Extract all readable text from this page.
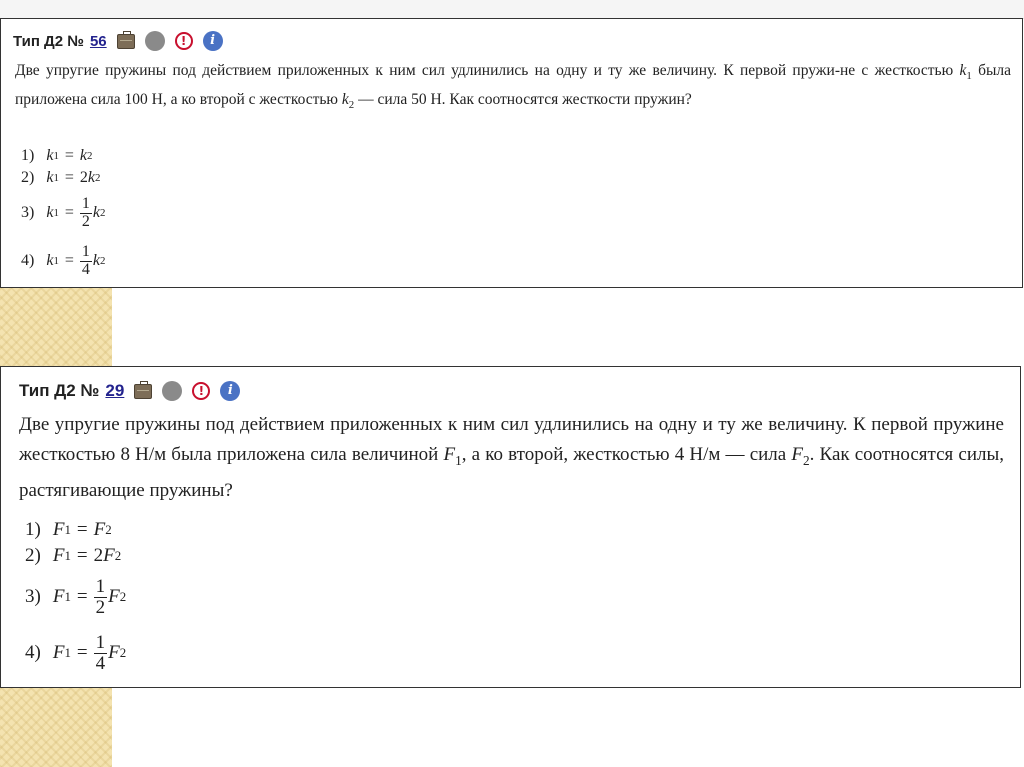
Тип Д2 № 56	!	i
Две упругие пружины под действием приложенных к ним сил удлинились на одну и ту же величину. К первой пружи-не с жесткостью $k_1$ была приложена сила 100 Н, а ко второй с жесткостью $k_2$ — сила 50 Н. Как соотносятся жесткости пружин?
1) k 1 = k 2
2) k 1 = 2 k 2
3) k $1 = \frac{1}{2}$ k 2
4) k $1 = \frac{1}{4}$ k 2
Тип Д2 № 29	!	i
Две упругие пружины под действием приложенных к ним сил удлинились на одну и ту же величину. К первой пружине жесткостью 8 Н/м была приложена сила величиной $F_1$, а ко второй, жесткостью 4 Н/м — сила $F_2$. Как соотносятся силы, растягивающие пружины?
1) F 1 = F 2
2) F 1 = 2 F 2
3) F $1 = \frac{1}{2}$ F 2
4) F $1 = \frac{1}{4}$ F 2
